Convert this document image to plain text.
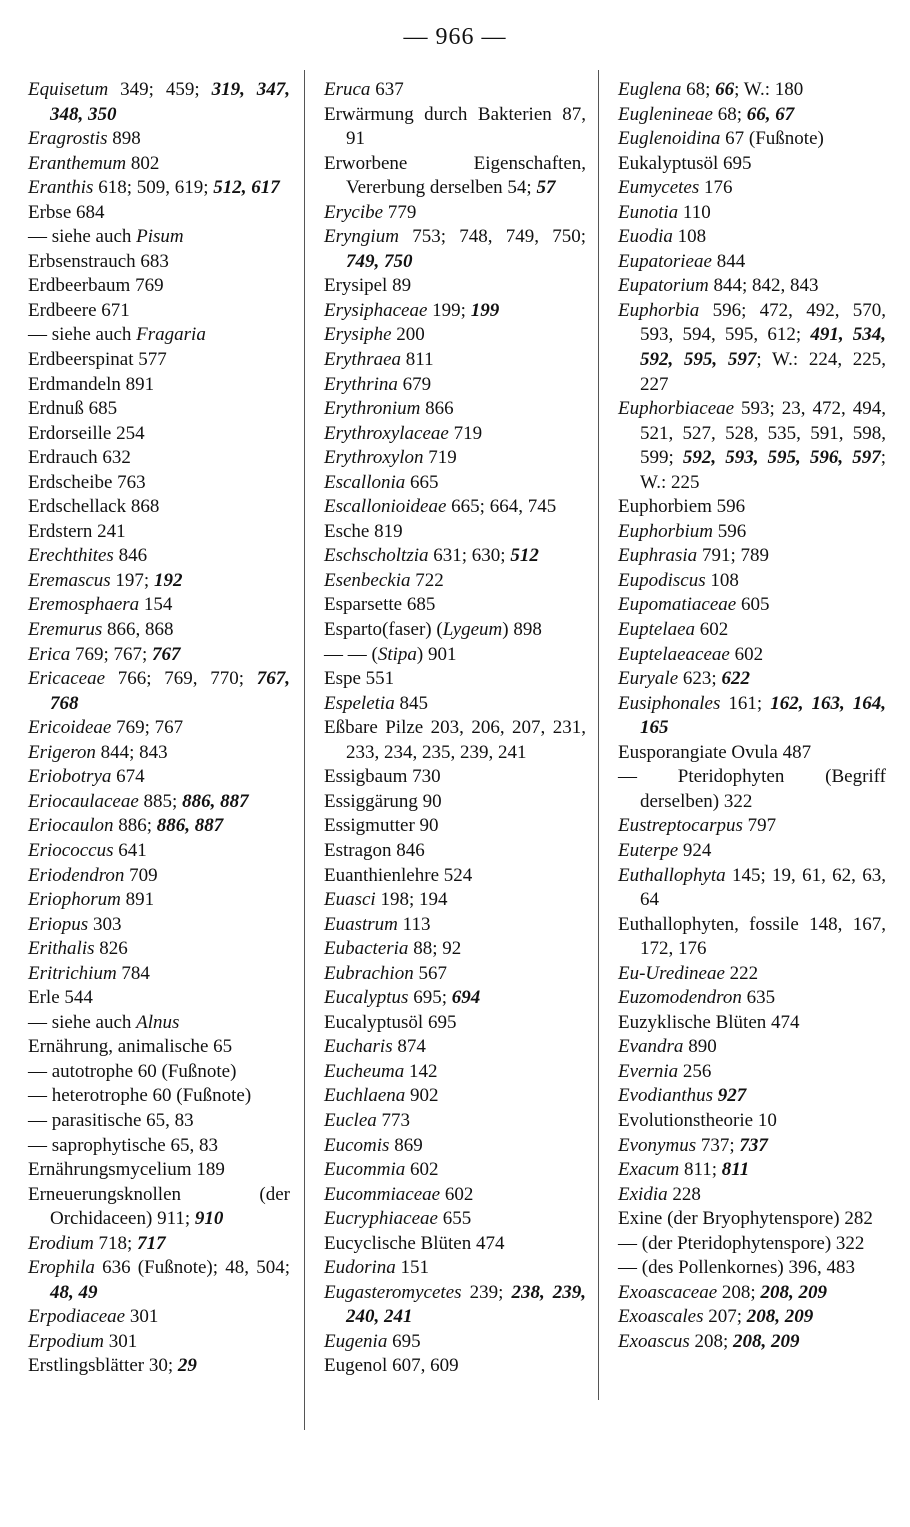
— 966 —

Equisetum 349; 459; 319, 347, 348, 350

Eragrostis 898

Eranthemum 802

Eranthis 618; 509, 619; 512, 617

Erbse 684

— siehe auch Pisum

Erbsenstrauch 683

Erdbeerbaum 769

Erdbeere 671

— siehe auch Fragaria

Erdbeerspinat 577

Erdmandeln 891

Erdnuß 685

Erdorseille 254

Erdrauch 632

Erdscheibe 763

Erdschellack 868

Erdstern 241

Erechthites 846

Eremascus 197; 192

Eremosphaera 154

Eremurus 866, 868

Erica 769; 767; 767

Ericaceae 766; 769, 770; 767, 768

Ericoideae 769; 767

Erigeron 844; 843

Eriobotrya 674

Eriocaulaceae 885; 886, 887

Eriocaulon 886; 886, 887

Eriococcus 641

Eriodendron 709

Eriophorum 891

Eriopus 303

Erithalis 826

Eritrichium 784

Erle 544

— siehe auch Alnus

Ernährung, animalische 65

— autotrophe 60 (Fußnote)

— heterotrophe 60 (Fußnote)

— parasitische 65, 83

— saprophytische 65, 83

Ernährungsmycelium 189

Erneuerungsknollen (der Orchidaceen) 911; 910

Erodium 718; 717

Erophila 636 (Fußnote); 48, 504; 48, 49

Erpodiaceae 301

Erpodium 301

Erstlingsblätter 30; 29

Eruca 637

Erwärmung durch Bakterien 87, 91

Erworbene Eigenschaften, Vererbung derselben 54; 57

Erycibe 779

Eryngium 753; 748, 749, 750; 749, 750

Erysipel 89

Erysiphaceae 199; 199

Erysiphe 200

Erythraea 811

Erythrina 679

Erythronium 866

Erythroxylaceae 719

Erythroxylon 719

Escallonia 665

Escallonioideae 665; 664, 745

Esche 819

Eschscholtzia 631; 630; 512

Esenbeckia 722

Esparsette 685

Esparto(faser) (Lygeum) 898

— — (Stipa) 901

Espe 551

Espeletia 845

Eßbare Pilze 203, 206, 207, 231, 233, 234, 235, 239, 241

Essigbaum 730

Essiggärung 90

Essigmutter 90

Estragon 846

Euanthienlehre 524

Euasci 198; 194

Euastrum 113

Eubacteria 88; 92

Eubrachion 567

Eucalyptus 695; 694

Eucalyptusöl 695

Eucharis 874

Eucheuma 142

Euchlaena 902

Euclea 773

Eucomis 869

Eucommia 602

Eucommiaceae 602

Eucryphiaceae 655

Eucyclische Blüten 474

Eudorina 151

Eugasteromycetes 239; 238, 239, 240, 241

Eugenia 695

Eugenol 607, 609

Euglena 68; 66; W.: 180

Euglenineae 68; 66, 67

Euglenoidina 67 (Fußnote)

Eukalyptusöl 695

Eumycetes 176

Eunotia 110

Euodia 108

Eupatorieae 844

Eupatorium 844; 842, 843

Euphorbia 596; 472, 492, 570, 593, 594, 595, 612; 491, 534, 592, 595, 597; W.: 224, 225, 227

Euphorbiaceae 593; 23, 472, 494, 521, 527, 528, 535, 591, 598, 599; 592, 593, 595, 596, 597; W.: 225

Euphorbiem 596

Euphorbium 596

Euphrasia 791; 789

Eupodiscus 108

Eupomatiaceae 605

Euptelaea 602

Euptelaeaceae 602

Euryale 623; 622

Eusiphonales 161; 162, 163, 164, 165

Eusporangiate Ovula 487

— Pteridophyten (Begriff derselben) 322

Eustreptocarpus 797

Euterpe 924

Euthallophyta 145; 19, 61, 62, 63, 64

Euthallophyten, fossile 148, 167, 172, 176

Eu-Uredineae 222

Euzomodendron 635

Euzyklische Blüten 474

Evandra 890

Evernia 256

Evodianthus 927

Evolutionstheorie 10

Evonymus 737; 737

Exacum 811; 811

Exidia 228

Exine (der Bryophytenspore) 282

— (der Pteridophytenspore) 322

— (des Pollenkornes) 396, 483

Exoascaceae 208; 208, 209

Exoascales 207; 208, 209

Exoascus 208; 208, 209
